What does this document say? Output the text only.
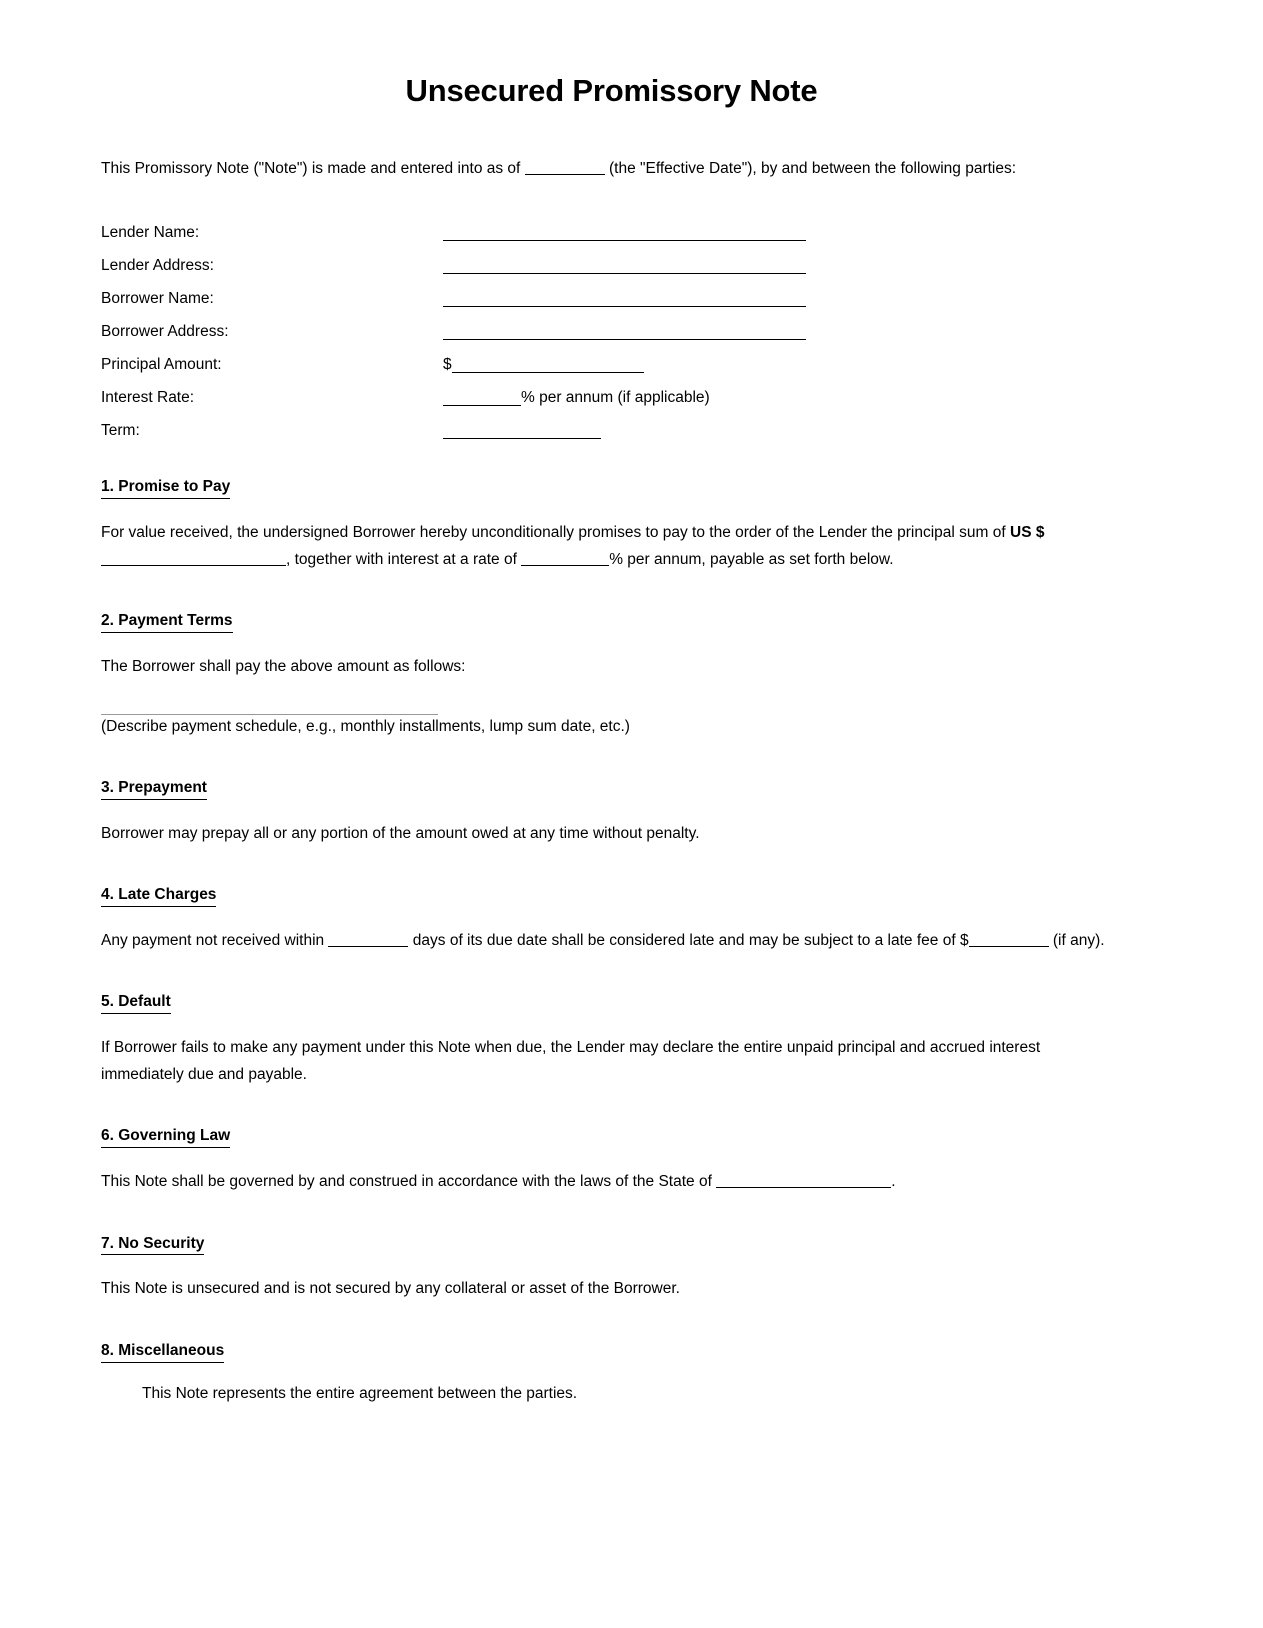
Unsecured Promissory Note

This Promissory Note ("Note") is made and entered into as of	(the "Effective Date"), by and between the following parties:

Lender Name:	

Lender Address:	

Borrower Name:	

Borrower Address:	

Principal Amount:	$
Interest Rate:	% per annum (if applicable)
Term:	
1. Promise to Pay

For value received, the undersigned Borrower hereby unconditionally promises to pay to the order of the Lender the principal sum of US $, together with interest at a rate of	% per annum, payable as set forth below.

2. Payment Terms

The Borrower shall pay the above amount as follows:

(Describe payment schedule, e.g., monthly installments, lump sum date, etc.)

3. Prepayment

Borrower may prepay all or any portion of the amount owed at any time without penalty.

4. Late Charges

Any payment not received within	days of its due date shall be considered late and may be subject to a late fee of $	(if any).

5. Default

If Borrower fails to make any payment under this Note when due, the Lender may declare the entire unpaid principal and accrued interest immediately due and payable.

6. Governing Law

This Note shall be governed by and construed in accordance with the laws of the State of	.

7. No Security

This Note is unsecured and is not secured by any collateral or asset of the Borrower.

8. Miscellaneous
This Note represents the entire agreement between the parties.
